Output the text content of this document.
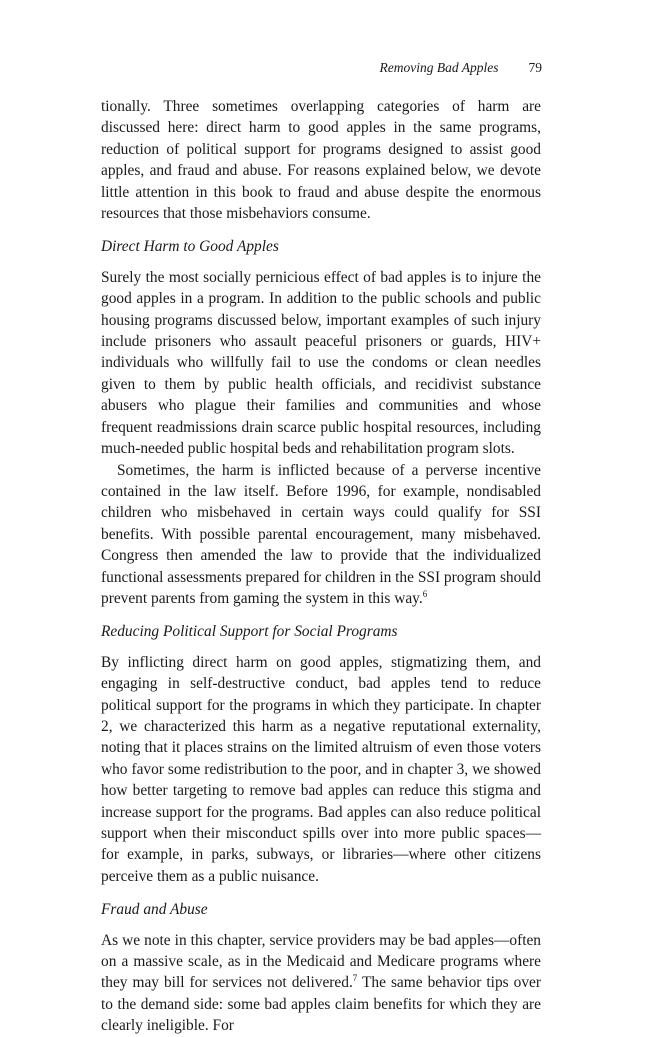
Removing Bad Apples 79

tionally. Three sometimes overlapping categories of harm are discussed here: direct harm to good apples in the same programs, reduction of political support for programs designed to assist good apples, and fraud and abuse. For reasons explained below, we devote little attention in this book to fraud and abuse despite the enormous resources that those misbehaviors consume.

Direct Harm to Good Apples

Surely the most socially pernicious effect of bad apples is to injure the good apples in a program. In addition to the public schools and public housing programs discussed below, important examples of such injury include prisoners who assault peaceful prisoners or guards, HIV+ individuals who willfully fail to use the condoms or clean needles given to them by public health officials, and recidivist substance abusers who plague their families and communities and whose frequent readmissions drain scarce public hospital resources, including much-needed public hospital beds and rehabilitation program slots.

Sometimes, the harm is inflicted because of a perverse incentive contained in the law itself. Before 1996, for example, nondisabled children who misbehaved in certain ways could qualify for SSI benefits. With possible parental encouragement, many misbehaved. Congress then amended the law to provide that the individualized functional assessments prepared for children in the SSI program should prevent parents from gaming the system in this way.$^6$

Reducing Political Support for Social Programs

By inflicting direct harm on good apples, stigmatizing them, and engaging in self-destructive conduct, bad apples tend to reduce political support for the programs in which they participate. In chapter 2, we characterized this harm as a negative reputational externality, noting that it places strains on the limited altruism of even those voters who favor some redistribution to the poor, and in chapter 3, we showed how better targeting to remove bad apples can reduce this stigma and increase support for the programs. Bad apples can also reduce political support when their misconduct spills over into more public spaces—for example, in parks, subways, or libraries—where other citizens perceive them as a public nuisance.

Fraud and Abuse

As we note in this chapter, service providers may be bad apples—often on a massive scale, as in the Medicaid and Medicare programs where they may bill for services not delivered.$^7$ The same behavior tips over to the demand side: some bad apples claim benefits for which they are clearly ineligible. For
